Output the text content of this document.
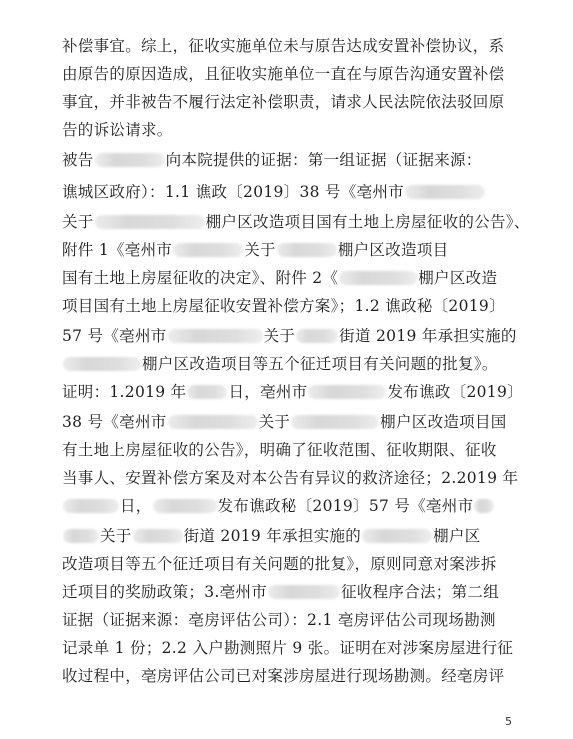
补偿事宜。综上，征收实施单位未与原告达成安置补偿协议，系
由原告的原因造成，且征收实施单位一直在与原告沟通安置补偿
事宜，并非被告不履行法定补偿职责，请求人民法院依法驳回原
告的诉讼请求。
被告	向本院提供的证据：第一组证据（证据来源：
谯城区政府）：1.1 谯政〔2019〕38 号《亳州市
关于	棚户区改造项目国有土地上房屋征收的公告》、
附件 1《亳州市	关于	棚户区改造项目
国有土地上房屋征收的决定》、附件 2《	棚户区改造
项目国有土地上房屋征收安置补偿方案》；1.2 谯政秘〔2019〕
57 号《亳州市	关于	街道 2019 年承担实施的
棚户区改造项目等五个征迁项目有关问题的批复》。
证明：1.2019 年	日，亳州市	发布谯政〔2019〕
38 号《亳州市	关于	棚户区改造项目国
有土地上房屋征收的公告》，明确了征收范围、征收期限、征收
当事人、安置补偿方案及对本公告有异议的救济途径；2.2019 年
日，	发布谯政秘〔2019〕57 号《亳州市
关于	街道 2019 年承担实施的	棚户区
改造项目等五个征迁项目有关问题的批复》，原则同意对案涉拆
迁项目的奖励政策；3.亳州市	征收程序合法；第二组
证据（证据来源：亳房评估公司）：2.1 亳房评估公司现场勘测
记录单 1 份；2.2 入户勘测照片 9 张。证明在对涉案房屋进行征
收过程中，亳房评估公司已对案涉房屋进行现场勘测。经亳房评
5
